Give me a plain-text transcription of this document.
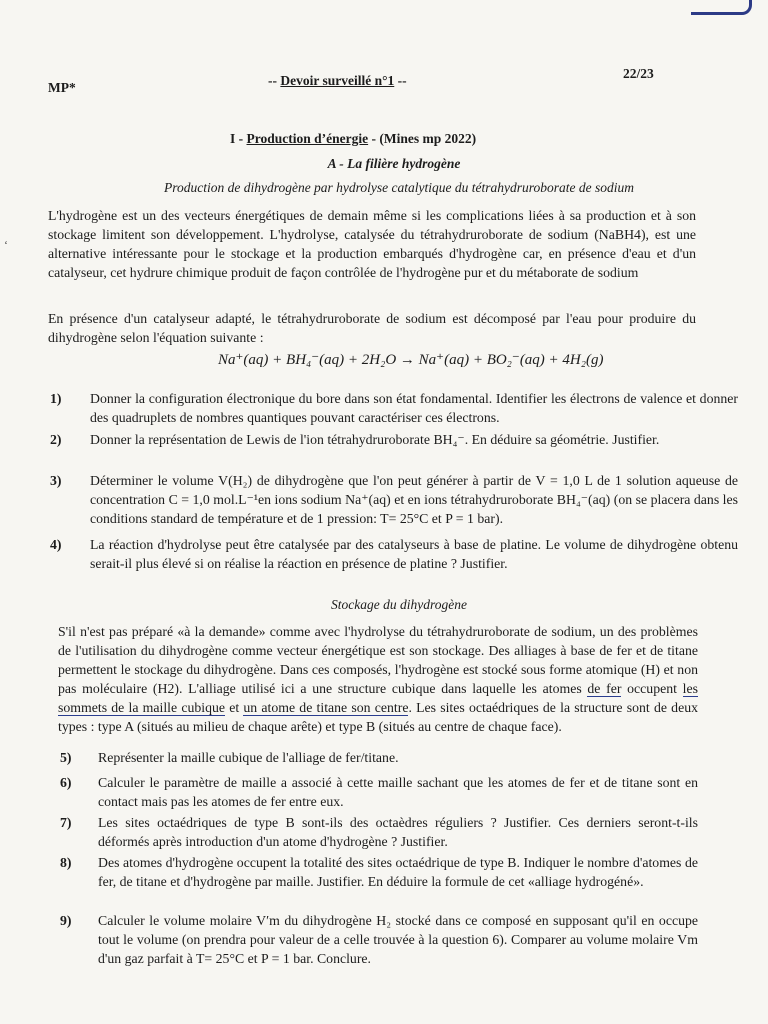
‘
MP*	-- Devoir surveillé n°1 --	22/23
I - Production d’énergie - (Mines mp 2022)
A - La filière hydrogène
Production de dihydrogène par hydrolyse catalytique du tétrahydruroborate de sodium
L'hydrogène est un des vecteurs énergétiques de demain même si les complications liées à sa production et à son stockage limitent son développement. L'hydrolyse, catalysée du tétrahydruroborate de sodium (NaBH4), est une alternative intéressante pour le stockage et la production embarqués d'hydrogène car, en présence d'eau et d'un catalyseur, cet hydrure chimique produit de façon contrôlée de l'hydrogène pur et du métaborate de sodium
En présence d'un catalyseur adapté, le tétrahydruroborate de sodium est décomposé par l'eau pour produire du dihydrogène selon l'équation suivante :
Na⁺(aq) + BH₄⁻(aq) + 2H₂O → Na⁺(aq) + BO₂⁻(aq) + 4H₂(g)
1) Donner la configuration électronique du bore dans son état fondamental. Identifier les électrons de valence et donner des quadruplets de nombres quantiques pouvant caractériser ces électrons.
2) Donner la représentation de Lewis de l'ion tétrahydruroborate BH₄⁻. En déduire sa géométrie. Justifier.
3) Déterminer le volume V(H₂) de dihydrogène que l'on peut générer à partir de V = 1,0 L de 1 solution aqueuse de concentration C = 1,0 mol.L⁻¹en ions sodium Na⁺(aq) et en ions tétrahydruroborate BH₄⁻(aq) (on se placera dans les conditions standard de température et de 1 pression: T= 25°C et P = 1 bar).
4) La réaction d'hydrolyse peut être catalysée par des catalyseurs à base de platine. Le volume de dihydrogène obtenu serait-il plus élevé si on réalise la réaction en présence de platine ? Justifier.
Stockage du dihydrogène
S'il n'est pas préparé «à la demande» comme avec l'hydrolyse du tétrahydruroborate de sodium, un des problèmes de l'utilisation du dihydrogène comme vecteur énergétique est son stockage. Des alliages à base de fer et de titane permettent le stockage du dihydrogène. Dans ces composés, l'hydrogène est stocké sous forme atomique (H) et non pas moléculaire (H2). L'alliage utilisé ici a une structure cubique dans laquelle les atomes de fer occupent les sommets de la maille cubique et un atome de titane son centre. Les sites octaédriques de la structure sont de deux types : type A (situés au milieu de chaque arête) et type B (situés au centre de chaque face).
5) Représenter la maille cubique de l'alliage de fer/titane.
6) Calculer le paramètre de maille a associé à cette maille sachant que les atomes de fer et de titane sont en contact mais pas les atomes de fer entre eux.
7) Les sites octaédriques de type B sont-ils des octaèdres réguliers ? Justifier. Ces derniers seront-t-ils déformés après introduction d'un atome d'hydrogène ? Justifier.
8) Des atomes d'hydrogène occupent la totalité des sites octaédrique de type B. Indiquer le nombre d'atomes de fer, de titane et d'hydrogène par maille. Justifier. En déduire la formule de cet «alliage hydrogéné».
9) Calculer le volume molaire V′m du dihydrogène H₂ stocké dans ce composé en supposant qu'il en occupe tout le volume (on prendra pour valeur de a celle trouvée à la question 6). Comparer au volume molaire Vm d'un gaz parfait à T= 25°C et P = 1 bar. Conclure.
